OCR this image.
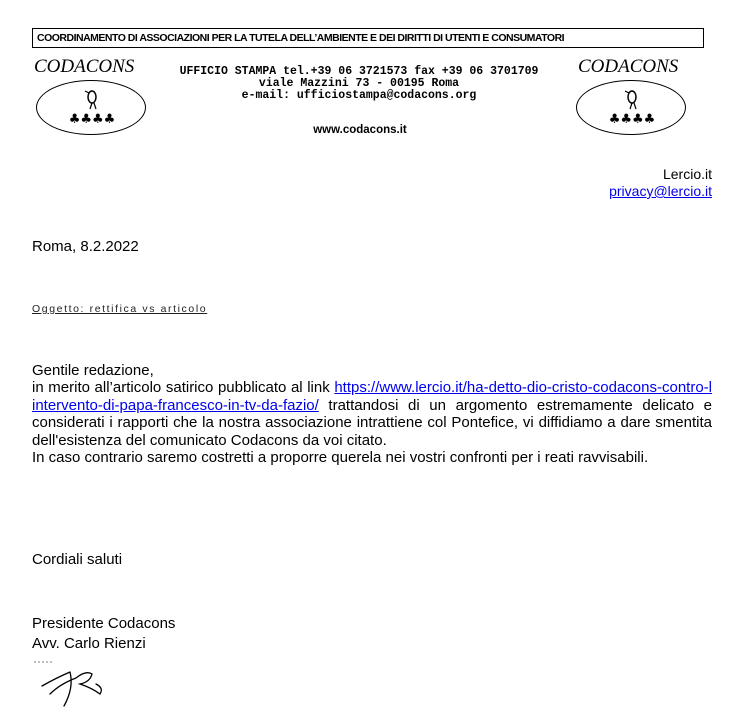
COORDINAMENTO DI ASSOCIAZIONI PER LA TUTELA DELL’AMBIENTE E DEI DIRITTI DI UTENTI E CONSUMATORI
CODACONS
♣♣♣♣
CODACONS
♣♣♣♣
UFFICIO STAMPA tel.+39 06 3721573 fax +39 06 3701709
viale Mazzini 73 - 00195 Roma
e-mail: ufficiostampa@codacons.org
www.codacons.it
Lercio.it
privacy@lercio.it
Roma, 8.2.2022
Oggetto: rettifica vs articolo
Gentile redazione,
in merito all’articolo satirico pubblicato al link https://www.lercio.it/ha-detto-dio-cristo-codacons-contro-lintervento-di-papa-francesco-in-tv-da-fazio/ trattandosi di un argomento estremamente delicato e considerati i rapporti che la nostra associazione intrattiene col Pontefice, vi diffidiamo a dare smentita dell'esistenza del comunicato Codacons da voi citato.
In caso contrario saremo costretti a proporre querela nei vostri confronti per i reati ravvisabili.
Cordiali saluti
Presidente Codacons
Avv. Carlo Rienzi
